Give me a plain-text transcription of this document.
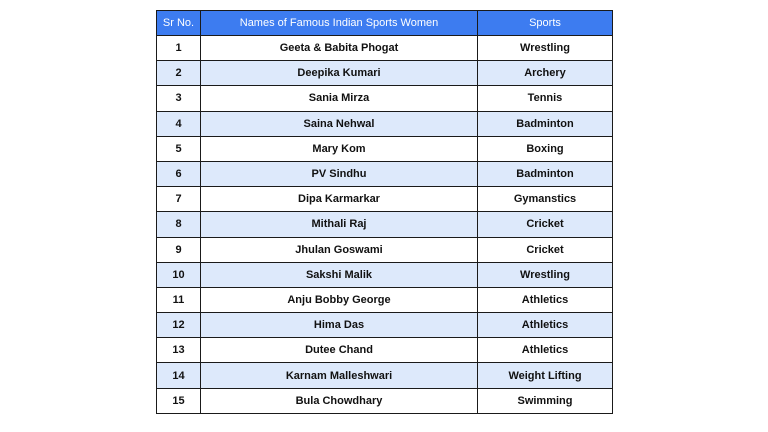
Sr No.	Names of Famous Indian Sports Women	Sports
1	Geeta & Babita Phogat	Wrestling
2	Deepika Kumari	Archery
3	Sania Mirza	Tennis
4	Saina Nehwal	Badminton
5	Mary Kom	Boxing
6	PV Sindhu	Badminton
7	Dipa Karmarkar	Gymanstics
8	Mithali Raj	Cricket
9	Jhulan Goswami	Cricket
10	Sakshi Malik	Wrestling
11	Anju Bobby George	Athletics
12	Hima Das	Athletics
13	Dutee Chand	Athletics
14	Karnam Malleshwari	Weight Lifting
15	Bula Chowdhary	Swimming
